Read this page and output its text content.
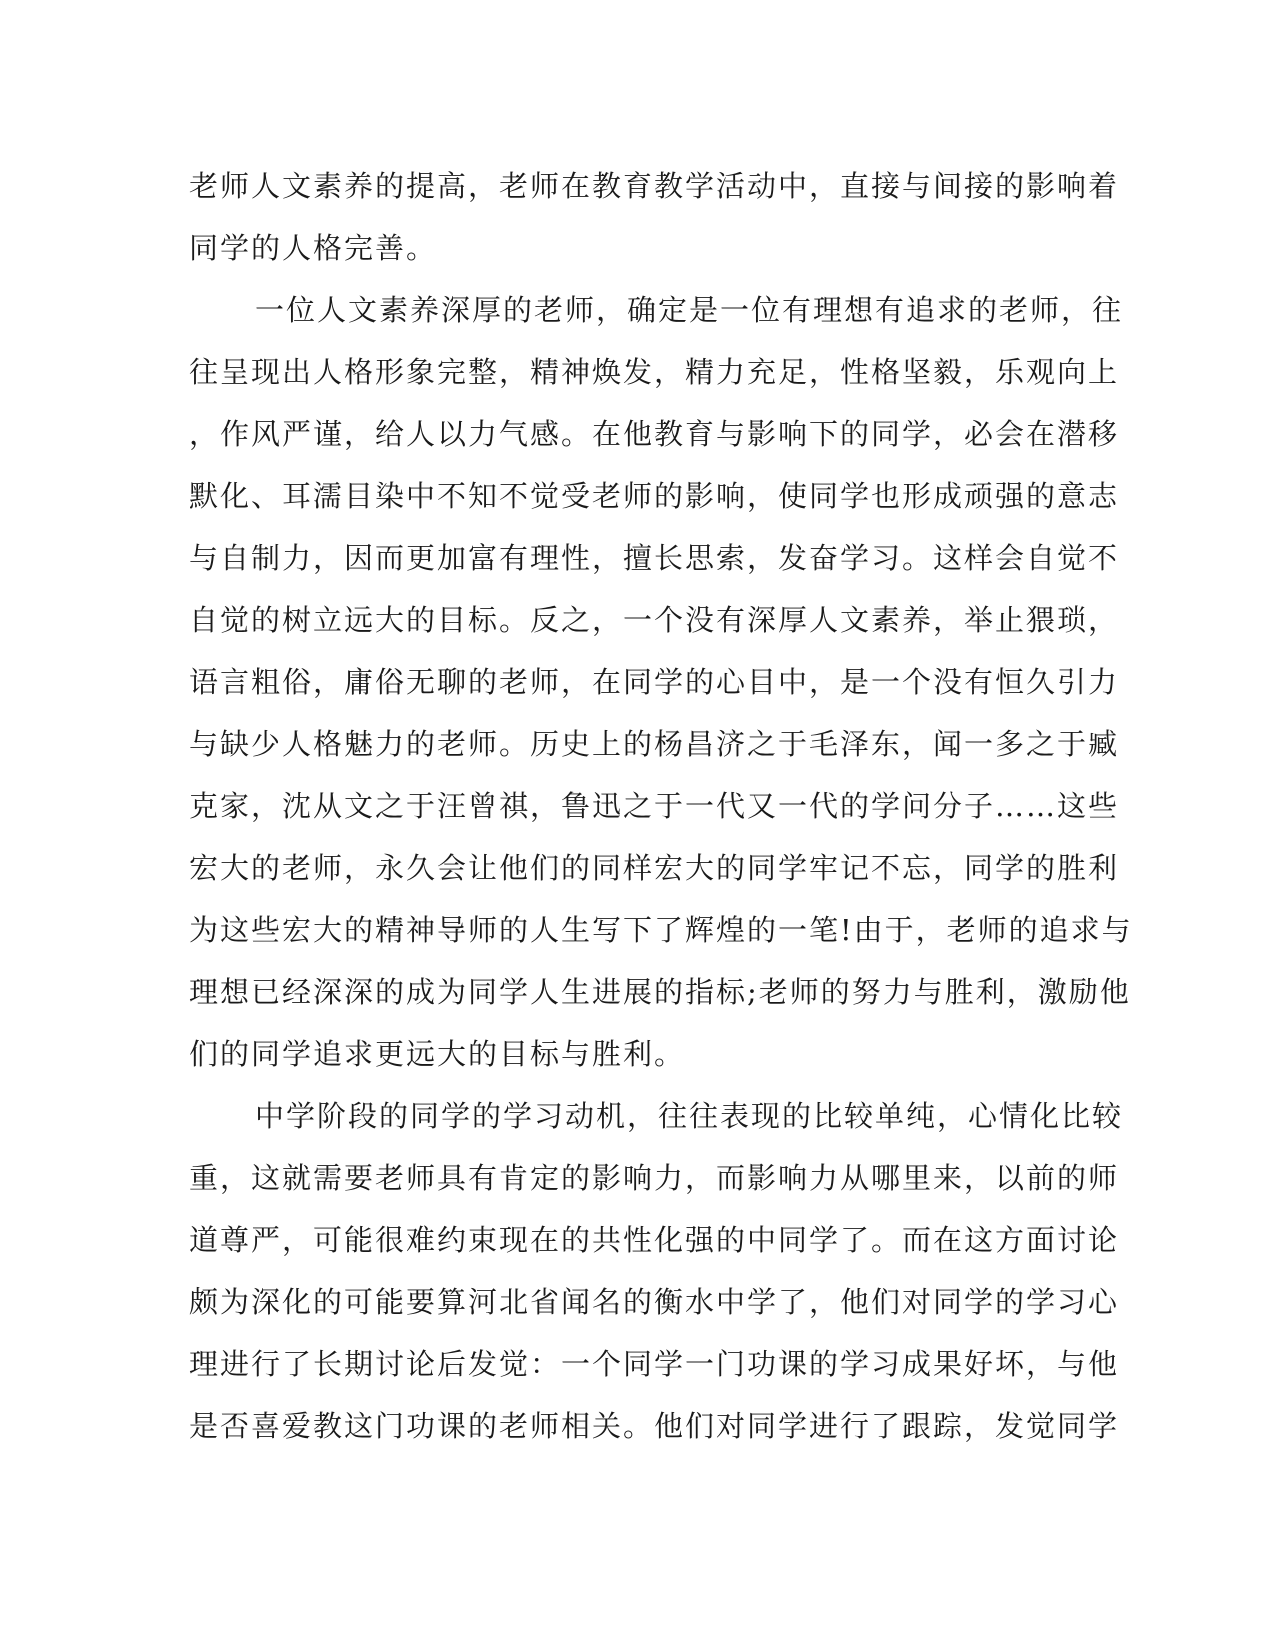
老师人文素养的提高，老师在教育教学活动中，直接与间接的影响着
同学的人格完善。
一位人文素养深厚的老师，确定是一位有理想有追求的老师，往
往呈现出人格形象完整，精神焕发，精力充足，性格坚毅，乐观向上
，作风严谨，给人以力气感。在他教育与影响下的同学，必会在潜移
默化、耳濡目染中不知不觉受老师的影响，使同学也形成顽强的意志
与自制力，因而更加富有理性，擅长思索，发奋学习。这样会自觉不
自觉的树立远大的目标。反之，一个没有深厚人文素养，举止猥琐，
语言粗俗，庸俗无聊的老师，在同学的心目中，是一个没有恒久引力
与缺少人格魅力的老师。历史上的杨昌济之于毛泽东，闻一多之于臧
克家，沈从文之于汪曾祺，鲁迅之于一代又一代的学问分子……这些
宏大的老师，永久会让他们的同样宏大的同学牢记不忘，同学的胜利
为这些宏大的精神导师的人生写下了辉煌的一笔!由于，老师的追求与
理想已经深深的成为同学人生进展的指标;老师的努力与胜利，激励他
们的同学追求更远大的目标与胜利。
中学阶段的同学的学习动机，往往表现的比较单纯，心情化比较
重，这就需要老师具有肯定的影响力，而影响力从哪里来，以前的师
道尊严，可能很难约束现在的共性化强的中同学了。而在这方面讨论
颇为深化的可能要算河北省闻名的衡水中学了，他们对同学的学习心
理进行了长期讨论后发觉：一个同学一门功课的学习成果好坏，与他
是否喜爱教这门功课的老师相关。他们对同学进行了跟踪，发觉同学
